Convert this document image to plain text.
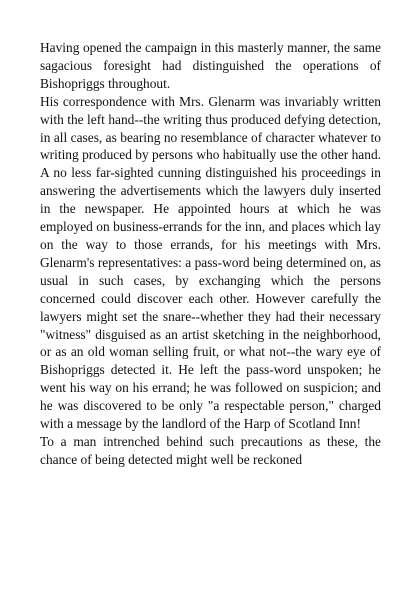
Having opened the campaign in this masterly manner, the same sagacious foresight had distinguished the operations of Bishopriggs throughout.

His correspondence with Mrs. Glenarm was invariably written with the left hand--the writing thus produced defying detection, in all cases, as bearing no resemblance of character whatever to writing produced by persons who habitually use the other hand. A no less far-sighted cunning distinguished his proceedings in answering the advertisements which the lawyers duly inserted in the newspaper. He appointed hours at which he was employed on business-errands for the inn, and places which lay on the way to those errands, for his meetings with Mrs. Glenarm's representatives: a pass-word being determined on, as usual in such cases, by exchanging which the persons concerned could discover each other. However carefully the lawyers might set the snare--whether they had their necessary "witness" disguised as an artist sketching in the neighborhood, or as an old woman selling fruit, or what not--the wary eye of Bishopriggs detected it. He left the pass-word unspoken; he went his way on his errand; he was followed on suspicion; and he was discovered to be only "a respectable person," charged with a message by the landlord of the Harp of Scotland Inn!

To a man intrenched behind such precautions as these, the chance of being detected might well be reckoned
